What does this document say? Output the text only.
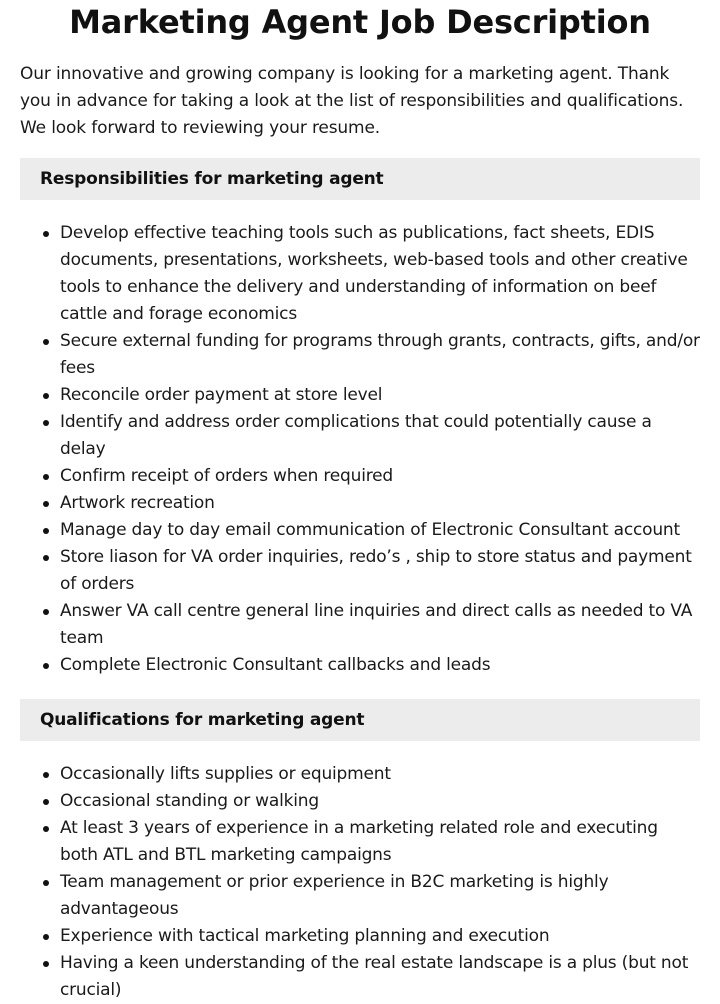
Marketing Agent Job Description

Our innovative and growing company is looking for a marketing agent. Thank you in advance for taking a look at the list of responsibilities and qualifications. We look forward to reviewing your resume.

Responsibilities for marketing agent
Develop effective teaching tools such as publications, fact sheets, EDIS documents, presentations, worksheets, web-based tools and other creative tools to enhance the delivery and understanding of information on beef cattle and forage economics
Secure external funding for programs through grants, contracts, gifts, and/or fees
Reconcile order payment at store level
Identify and address order complications that could potentially cause a delay
Confirm receipt of orders when required
Artwork recreation
Manage day to day email communication of Electronic Consultant account
Store liason for VA order inquiries, redo’s , ship to store status and payment of orders
Answer VA call centre general line inquiries and direct calls as needed to VA team
Complete Electronic Consultant callbacks and leads
Qualifications for marketing agent
Occasionally lifts supplies or equipment
Occasional standing or walking
At least 3 years of experience in a marketing related role and executing both ATL and BTL marketing campaigns
Team management or prior experience in B2C marketing is highly advantageous
Experience with tactical marketing planning and execution
Having a keen understanding of the real estate landscape is a plus (but not crucial)
